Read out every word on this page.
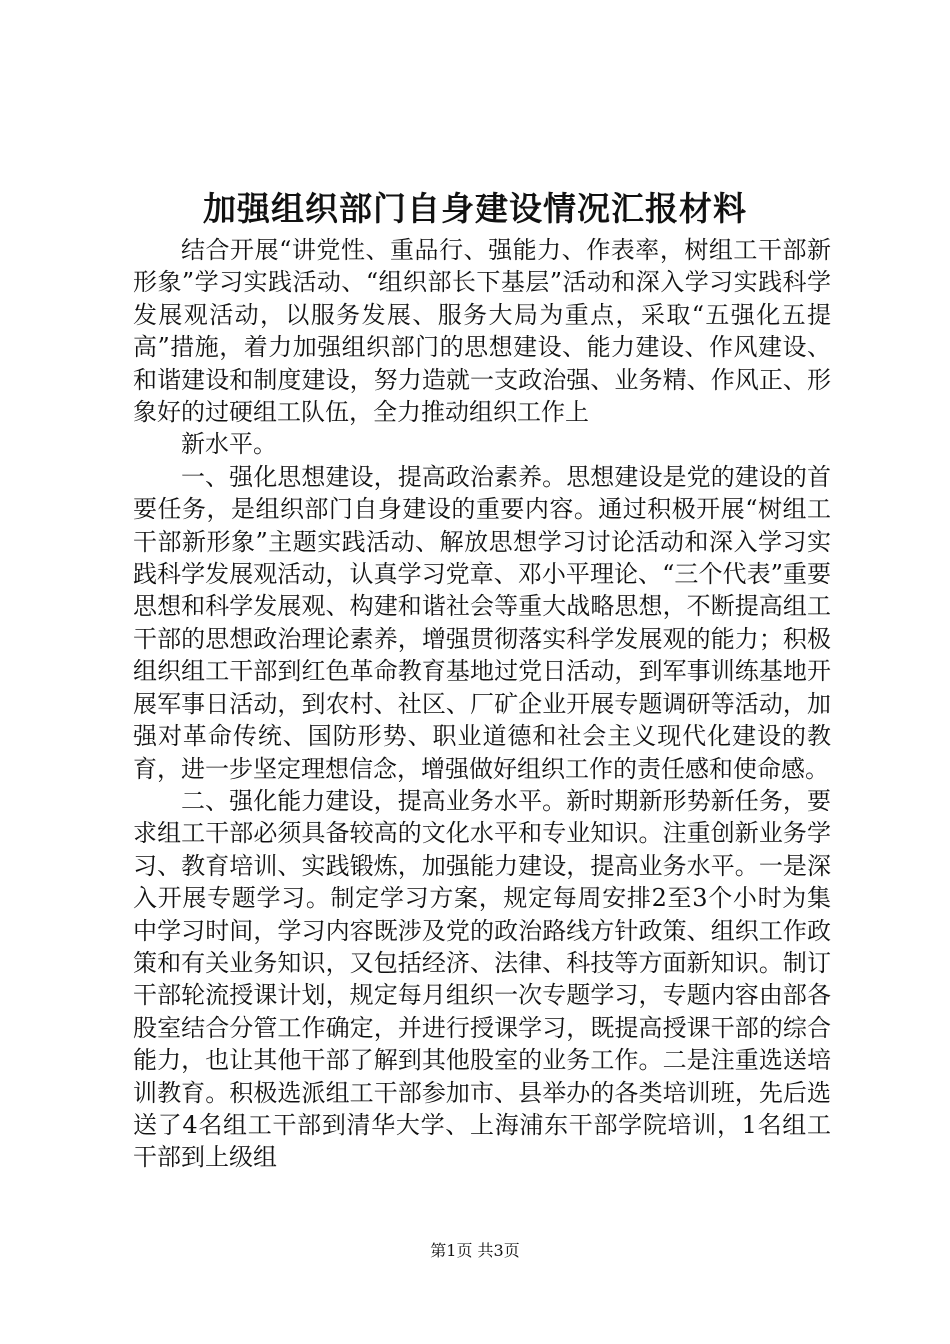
加强组织部门自身建设情况汇报材料

结合开展“讲党性、重品行、强能力、作表率，树组工干部新形象”学习实践活动、“组织部长下基层”活动和深入学习实践科学发展观活动，以服务发展、服务大局为重点，采取“五强化五提高”措施，着力加强组织部门的思想建设、能力建设、作风建设、和谐建设和制度建设，努力造就一支政治强、业务精、作风正、形象好的过硬组工队伍，全力推动组织工作上

新水平。

一、强化思想建设，提高政治素养。思想建设是党的建设的首要任务，是组织部门自身建设的重要内容。通过积极开展“树组工干部新形象”主题实践活动、解放思想学习讨论活动和深入学习实践科学发展观活动，认真学习党章、邓小平理论、“三个代表”重要思想和科学发展观、构建和谐社会等重大战略思想，不断提高组工干部的思想政治理论素养，增强贯彻落实科学发展观的能力；积极组织组工干部到红色革命教育基地过党日活动，到军事训练基地开展军事日活动，到农村、社区、厂矿企业开展专题调研等活动，加强对革命传统、国防形势、职业道德和社会主义现代化建设的教育，进一步坚定理想信念，增强做好组织工作的责任感和使命感。

二、强化能力建设，提高业务水平。新时期新形势新任务，要求组工干部必须具备较高的文化水平和专业知识。注重创新业务学习、教育培训、实践锻炼，加强能力建设，提高业务水平。一是深入开展专题学习。制定学习方案，规定每周安排2至3个小时为集中学习时间，学习内容既涉及党的政治路线方针政策、组织工作政策和有关业务知识，又包括经济、法律、科技等方面新知识。制订干部轮流授课计划，规定每月组织一次专题学习，专题内容由部各股室结合分管工作确定，并进行授课学习，既提高授课干部的综合能力，也让其他干部了解到其他股室的业务工作。二是注重选送培训教育。积极选派组工干部参加市、县举办的各类培训班，先后选送了4名组工干部到清华大学、上海浦东干部学院培训，1名组工干部到上级组

第1页 共3页
